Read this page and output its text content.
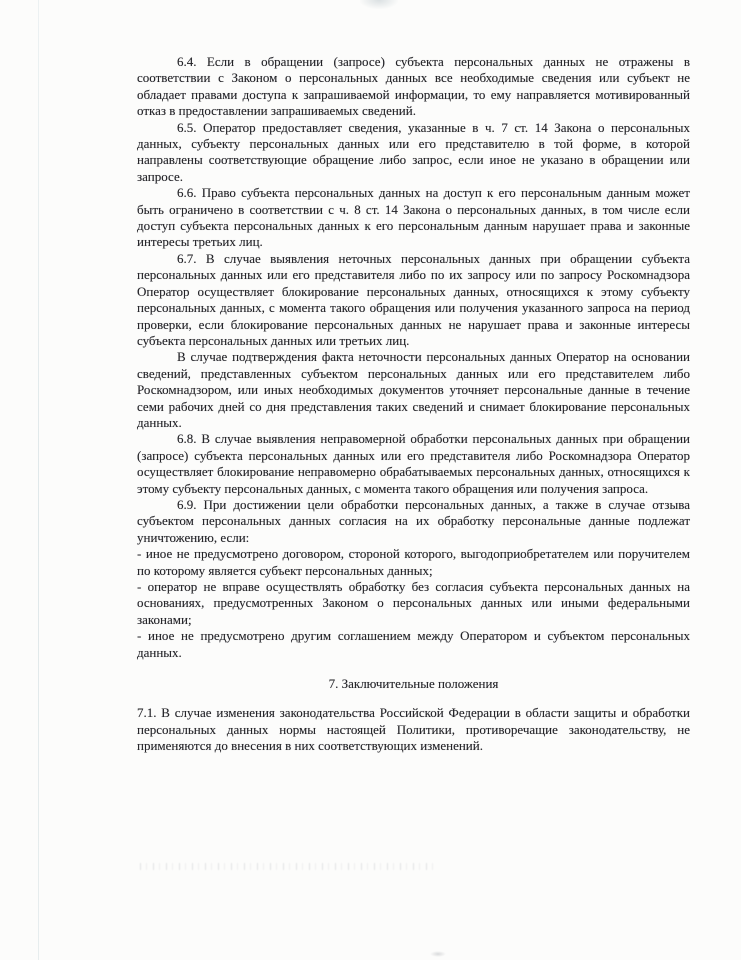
6.4. Если в обращении (запросе) субъекта персональных данных не отражены в соответствии с Законом о персональных данных все необходимые сведения или субъект не обладает правами доступа к запрашиваемой информации, то ему направляется мотивированный отказ в предоставлении запрашиваемых сведений.

6.5. Оператор предоставляет сведения, указанные в ч. 7 ст. 14 Закона о персональных данных, субъекту персональных данных или его представителю в той форме, в которой направлены соответствующие обращение либо запрос, если иное не указано в обращении или запросе.

6.6. Право субъекта персональных данных на доступ к его персональным данным может быть ограничено в соответствии с ч. 8 ст. 14 Закона о персональных данных, в том числе если доступ субъекта персональных данных к его персональным данным нарушает права и законные интересы третьих лиц.

6.7. В случае выявления неточных персональных данных при обращении субъекта персональных данных или его представителя либо по их запросу или по запросу Роскомнадзора Оператор осуществляет блокирование персональных данных, относящихся к этому субъекту персональных данных, с момента такого обращения или получения указанного запроса на период проверки, если блокирование персональных данных не нарушает права и законные интересы субъекта персональных данных или третьих лиц.

В случае подтверждения факта неточности персональных данных Оператор на основании сведений, представленных субъектом персональных данных или его представителем либо Роскомнадзором, или иных необходимых документов уточняет персональные данные в течение семи рабочих дней со дня представления таких сведений и снимает блокирование персональных данных.

6.8. В случае выявления неправомерной обработки персональных данных при обращении (запросе) субъекта персональных данных или его представителя либо Роскомнадзора Оператор осуществляет блокирование неправомерно обрабатываемых персональных данных, относящихся к этому субъекту персональных данных, с момента такого обращения или получения запроса.

6.9. При достижении цели обработки персональных данных, а также в случае отзыва субъектом персональных данных согласия на их обработку персональные данные подлежат уничтожению, если:

- иное не предусмотрено договором, стороной которого, выгодоприобретателем или поручителем по которому является субъект персональных данных;

- оператор не вправе осуществлять обработку без согласия субъекта персональных данных на основаниях, предусмотренных Законом о персональных данных или иными федеральными законами;

- иное не предусмотрено другим соглашением между Оператором и субъектом персональных данных.

7. Заключительные положения

7.1. В случае изменения законодательства Российской Федерации в области защиты и обработки персональных данных нормы настоящей Политики, противоречащие законодательству, не применяются до внесения в них соответствующих изменений.
